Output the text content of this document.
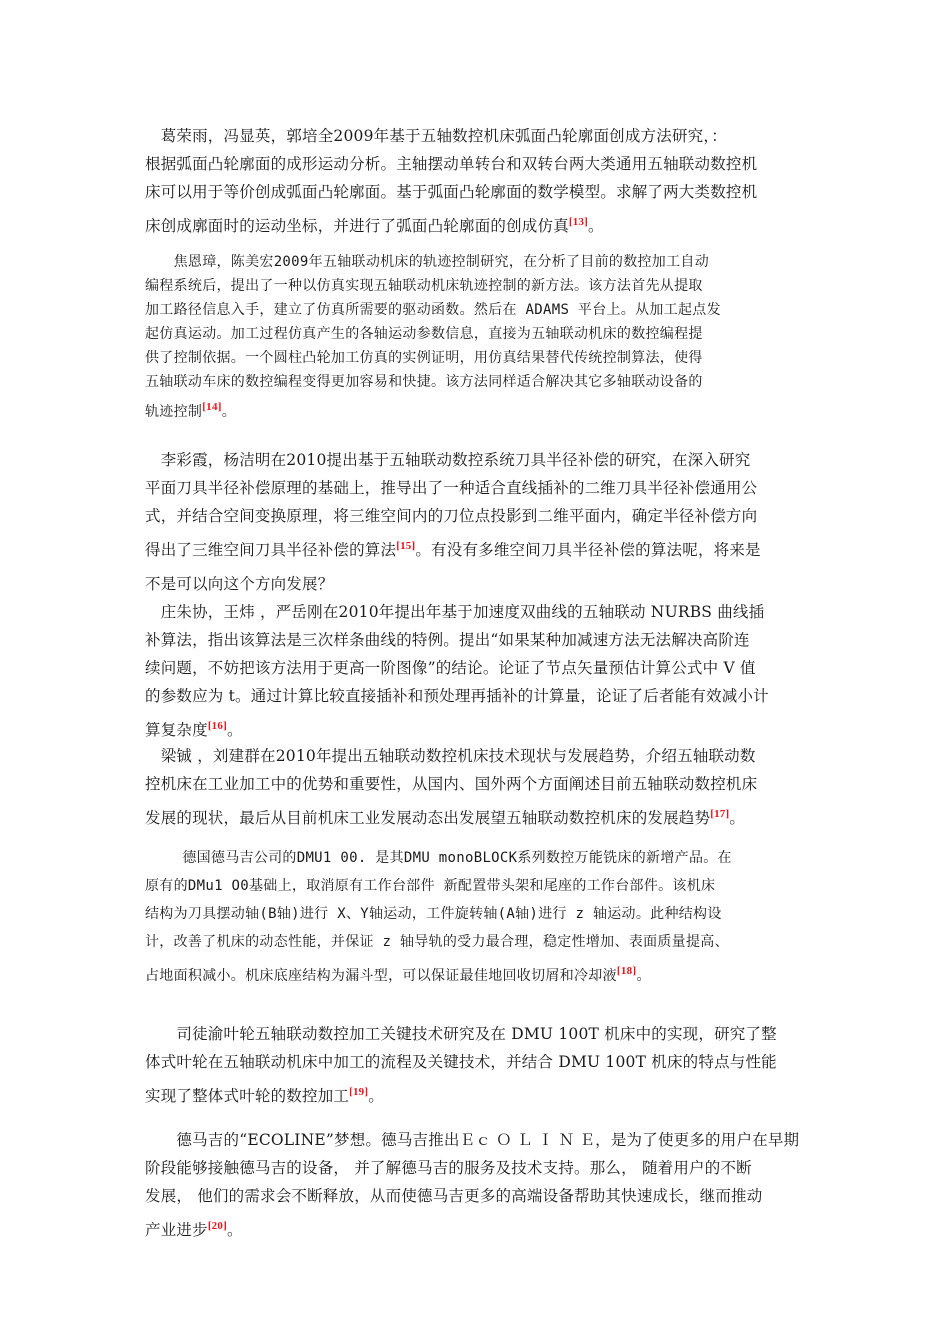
　葛荣雨，冯显英，郭培全2009年基于五轴数控机床弧面凸轮廓面创成方法研究，：
根据弧面凸轮廓面的成形运动分析。主轴摆动单转台和双转台两大类通用五轴联动数控机
床可以用于等价创成弧面凸轮廓面。基于弧面凸轮廓面的数学模型。求解了两大类数控机
床创成廓面时的运动坐标，并进行了弧面凸轮廓面的创成仿真[13]。
　　焦恩璋，陈美宏2009年五轴联动机床的轨迹控制研究，在分析了目前的数控加工自动
编程系统后，提出了一种以仿真实现五轴联动机床轨迹控制的新方法。该方法首先从提取
加工路径信息入手，建立了仿真所需要的驱动函数。然后在 ADAMS 平台上。从加工起点发
起仿真运动。加工过程仿真产生的各轴运动参数信息，直接为五轴联动机床的数控编程提
供了控制依据。一个圆柱凸轮加工仿真的实例证明，用仿真结果替代传统控制算法，使得
五轴联动车床的数控编程变得更加容易和快捷。该方法同样适合解决其它多轴联动设备的
轨迹控制[14]。
　李彩霞，杨洁明在2010提出基于五轴联动数控系统刀具半径补偿的研究，在深入研究
平面刀具半径补偿原理的基础上，推导出了一种适合直线插补的二维刀具半径补偿通用公
式，并结合空间变换原理，将三维空间内的刀位点投影到二维平面内，确定半径补偿方向
得出了三维空间刀具半径补偿的算法[15]。有没有多维空间刀具半径补偿的算法呢，将来是
不是可以向这个方向发展？
　庄朱协，王炜 ，严岳刚在2010年提出年基于加速度双曲线的五轴联动 NURBS 曲线插
补算法，指出该算法是三次样条曲线的特例。提出“如果某种加减速方法无法解决高阶连
续问题，不妨把该方法用于更高一阶图像”的结论。论证了节点矢量预估计算公式中 V 值
的参数应为 t。通过计算比较直接插补和预处理再插补的计算量，论证了后者能有效减小计
算复杂度[16]。
　梁铖 ，刘建群在2010年提出五轴联动数控机床技术现状与发展趋势，介绍五轴联动数
控机床在工业加工中的优势和重要性，从国内、国外两个方面阐述目前五轴联动数控机床
发展的现状，最后从目前机床工业发展动态出发展望五轴联动数控机床的发展趋势[17]。
　　 德国德马吉公司的DMU1 00. 是其DMU monoBLOCK系列数控万能铣床的新增产品。在
原有的DMu1 O0基础上，取消原有工作台部件 新配置带头架和尾座的工作台部件。该机床
结构为刀具摆动轴(B轴)进行 X、Y轴运动，工件旋转轴(A轴)进行 z 轴运动。此种结构设
计，改善了机床的动态性能，并保证 z 轴导轨的受力最合理，稳定性增加、表面质量提高、
占地面积减小。机床底座结构为漏斗型，可以保证最佳地回收切屑和冷却液[18]。
　　司徒渝叶轮五轴联动数控加工关键技术研究及在 DMU 100T 机床中的实现，研究了整
体式叶轮在五轴联动机床中加工的流程及关键技术，并结合 DMU 100T 机床的特点与性能
实现了整体式叶轮的数控加工[19]。
　　德马吉的“ECOLINE”梦想。德马吉推出Ｅｃ Ｏ Ｌ Ｉ Ｎ Ｅ，是为了使更多的用户在早期
阶段能够接触德马吉的设备， 并了解德马吉的服务及技术支持。那么， 随着用户的不断
发展， 他们的需求会不断释放，从而使德马吉更多的高端设备帮助其快速成长，继而推动
产业进步[20]。
